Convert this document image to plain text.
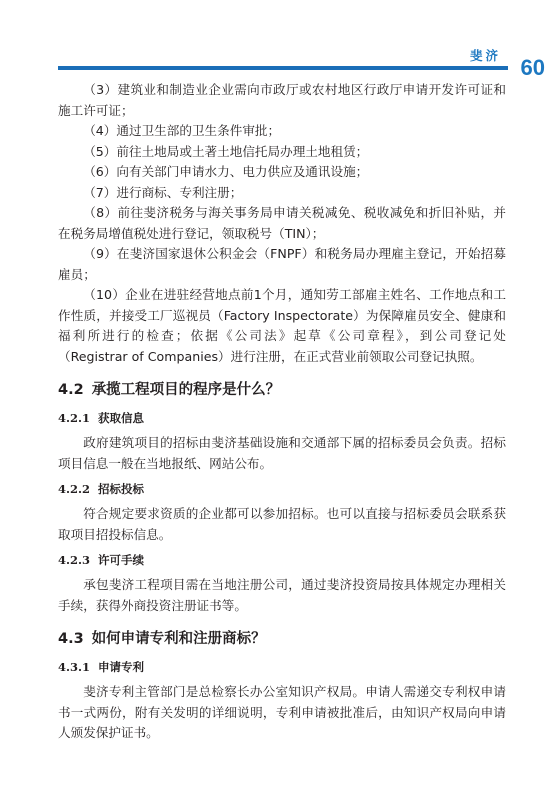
斐济 60

（3）建筑业和制造业企业需向市政厅或农村地区行政厅申请开发许可证和施工许可证；

（4）通过卫生部的卫生条件审批；

（5）前往土地局或土著土地信托局办理土地租赁；

（6）向有关部门申请水力、电力供应及通讯设施；

（7）进行商标、专利注册；

（8）前往斐济税务与海关事务局申请关税减免、税收减免和折旧补贴，并在税务局增值税处进行登记，领取税号（TIN）；

（9）在斐济国家退休公积金会（FNPF）和税务局办理雇主登记，开始招募雇员；

（10）企业在进驻经营地点前1个月，通知劳工部雇主姓名、工作地点和工作性质，并接受工厂巡视员（Factory Inspectorate）为保障雇员安全、健康和福利所进行的检查；依据《公司法》起草《公司章程》，到公司登记处（Registrar of Companies）进行注册，在正式营业前领取公司登记执照。

4.2 承揽工程项目的程序是什么？
4.2.1 获取信息

政府建筑项目的招标由斐济基础设施和交通部下属的招标委员会负责。招标项目信息一般在当地报纸、网站公布。

4.2.2 招标投标

符合规定要求资质的企业都可以参加招标。也可以直接与招标委员会联系获取项目招投标信息。

4.2.3 许可手续

承包斐济工程项目需在当地注册公司，通过斐济投资局按具体规定办理相关手续，获得外商投资注册证书等。

4.3 如何申请专利和注册商标？
4.3.1 申请专利

斐济专利主管部门是总检察长办公室知识产权局。申请人需递交专利权申请书一式两份，附有关发明的详细说明，专利申请被批准后，由知识产权局向申请人颁发保护证书。
